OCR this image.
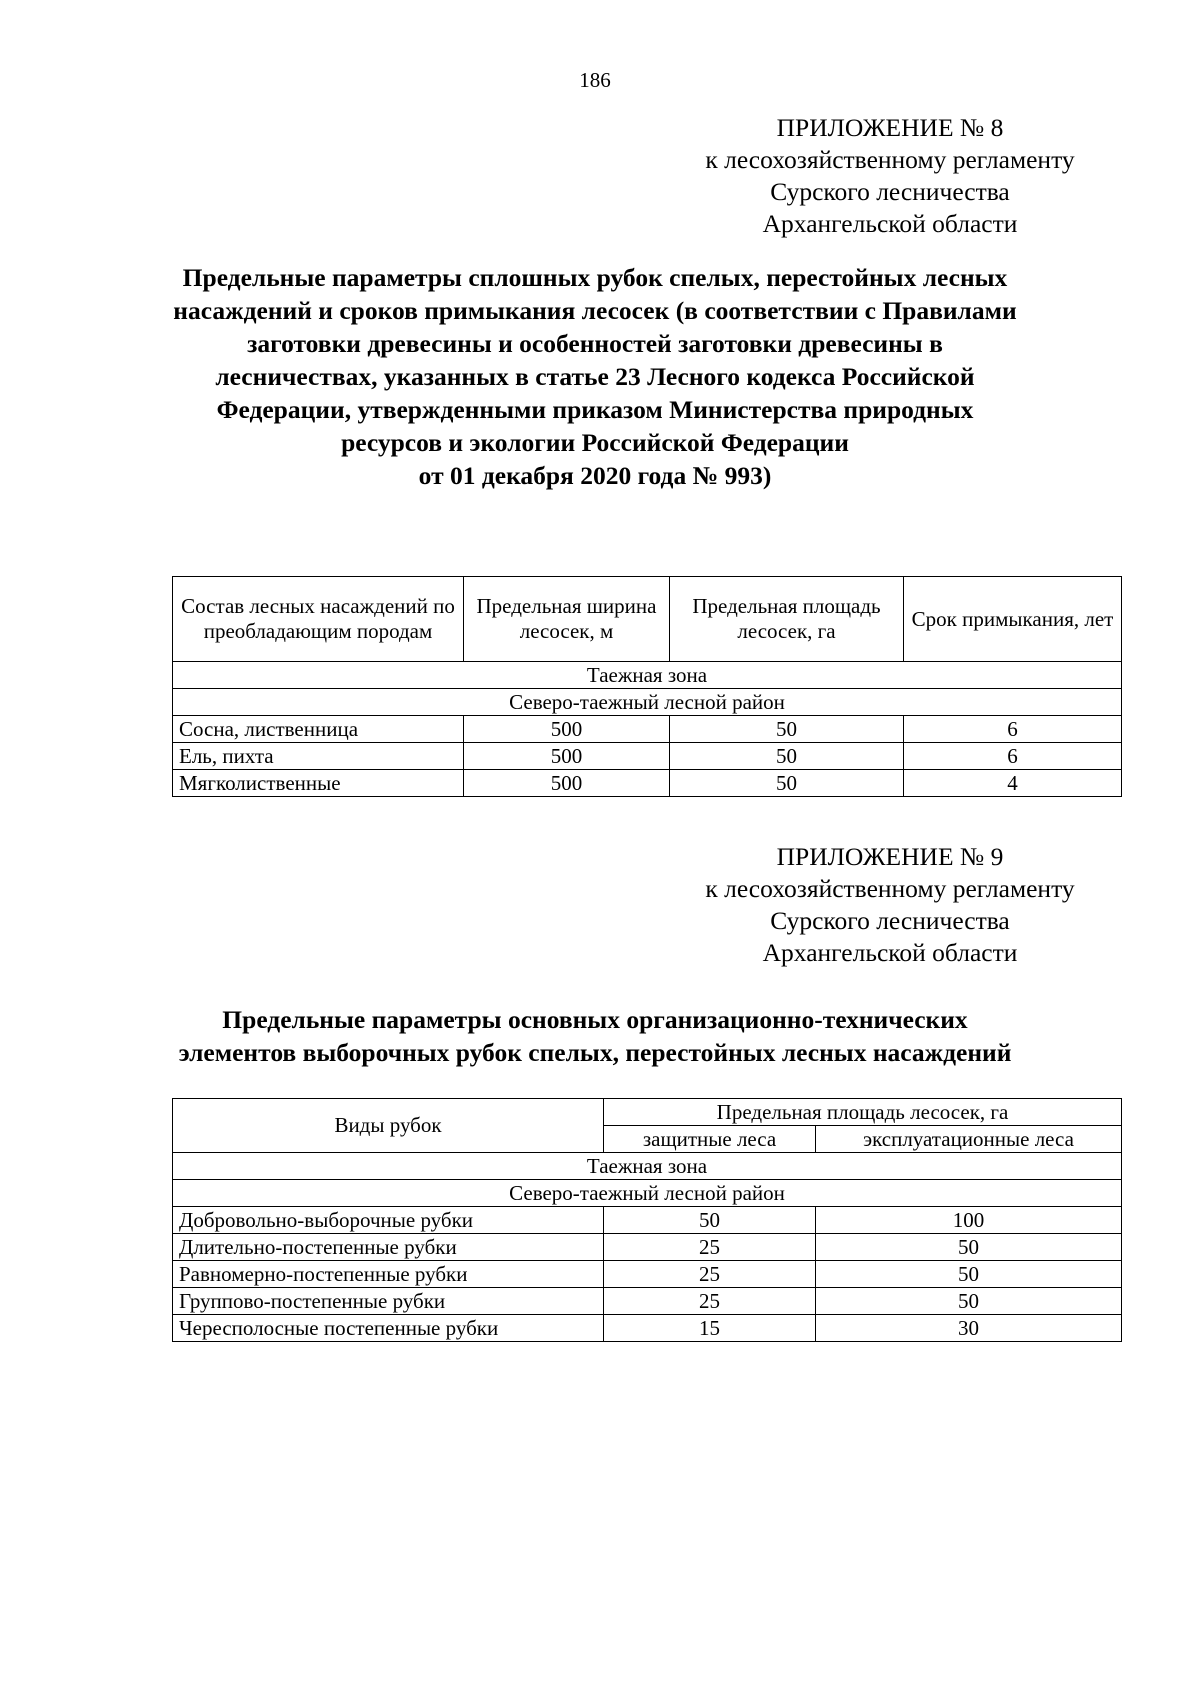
186
ПРИЛОЖЕНИЕ № 8
к лесохозяйственному регламенту
Сурского лесничества
Архангельской области
Предельные параметры сплошных рубок спелых, перестойных лесных
насаждений и сроков примыкания лесосек (в соответствии с Правилами
заготовки древесины и особенностей заготовки древесины в
лесничествах, указанных в статье 23 Лесного кодекса Российской
Федерации, утвержденными приказом Министерства природных
ресурсов и экологии Российской Федерации
от 01 декабря 2020 года № 993)
Состав лесных насаждений по преобладающим породам	Предельная ширина лесосек, м	Предельная площадь лесосек, га	Срок примыкания, лет
Таежная зона			
Северо-таежный лесной район			
Сосна, лиственница	500	50	6
Ель, пихта	500	50	6
Мягколиственные	500	50	4
ПРИЛОЖЕНИЕ № 9
к лесохозяйственному регламенту
Сурского лесничества
Архангельской области
Предельные параметры основных организационно-технических
элементов выборочных рубок спелых, перестойных лесных насаждений
Виды рубок	Предельная площадь лесосек, га	
	защитные леса	эксплуатационные леса
Таежная зона		
Северо-таежный лесной район		
Добровольно-выборочные рубки	50	100
Длительно-постепенные рубки	25	50
Равномерно-постепенные рубки	25	50
Группово-постепенные рубки	25	50
Чересполосные постепенные рубки	15	30
